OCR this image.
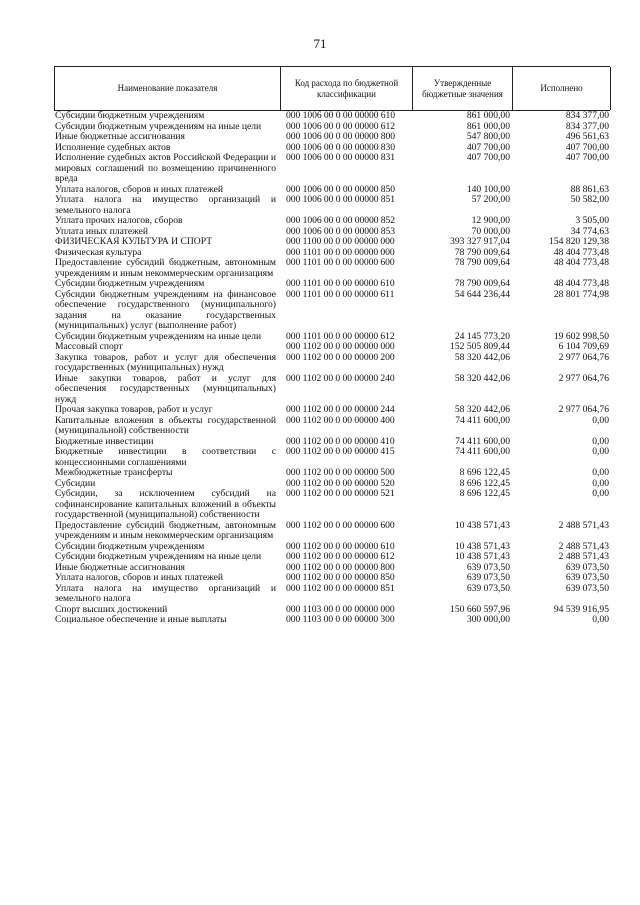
71
Наименование показателя
Код расхода по бюджетной классификации
Утвержденные бюджетные значения
Исполнено
Субсидии бюджетным учреждениям	000 1006 00 0 00 00000 610	861 000,00	834 377,00
Субсидии бюджетным учреждениям на иные цели	000 1006 00 0 00 00000 612	861 000,00	834 377,00
Иные бюджетные ассигнования	000 1006 00 0 00 00000 800	547 800,00	496 561,63
Исполнение судебных актов	000 1006 00 0 00 00000 830	407 700,00	407 700,00
Исполнение судебных актов Российской Федерации и мировых соглашений по возмещению причиненного вреда
000 1006 00 0 00 00000 831	407 700,00	407 700,00
Уплата налогов, сборов и иных платежей	000 1006 00 0 00 00000 850	140 100,00	88 861,63
Уплата налога на имущество организаций и земельного налога
000 1006 00 0 00 00000 851	57 200,00	50 582,00
Уплата прочих налогов, сборов	000 1006 00 0 00 00000 852	12 900,00	3 505,00
Уплата иных платежей	000 1006 00 0 00 00000 853	70 000,00	34 774,63
ФИЗИЧЕСКАЯ КУЛЬТУРА И СПОРТ	000 1100 00 0 00 00000 000	393 327 917,04	154 820 129,38
Физическая культура	000 1101 00 0 00 00000 000	78 790 009,64	48 404 773,48
Предоставление субсидий бюджетным, автономным учреждениям и иным некоммерческим организациям
000 1101 00 0 00 00000 600	78 790 009,64	48 404 773,48
Субсидии бюджетным учреждениям	000 1101 00 0 00 00000 610	78 790 009,64	48 404 773,48
Субсидии бюджетным учреждениям на финансовое обеспечение государственного (муниципального) задания на оказание государственных (муниципальных) услуг (выполнение работ)
000 1101 00 0 00 00000 611	54 644 236,44	28 801 774,98
Субсидии бюджетным учреждениям на иные цели	000 1101 00 0 00 00000 612	24 145 773,20	19 602 998,50
Массовый спорт	000 1102 00 0 00 00000 000	152 505 809,44	6 104 709,69
Закупка товаров, работ и услуг для обеспечения государственных (муниципальных) нужд
000 1102 00 0 00 00000 200	58 320 442,06	2 977 064,76
Иные закупки товаров, работ и услуг для обеспечения государственных (муниципальных) нужд
000 1102 00 0 00 00000 240	58 320 442,06	2 977 064,76
Прочая закупка товаров, работ и услуг	000 1102 00 0 00 00000 244	58 320 442,06	2 977 064,76
Капитальные вложения в объекты государственной (муниципальной) собственности
000 1102 00 0 00 00000 400	74 411 600,00	0,00
Бюджетные инвестиции	000 1102 00 0 00 00000 410	74 411 600,00	0,00
Бюджетные инвестиции в соответствии с концессионными соглашениями
000 1102 00 0 00 00000 415	74 411 600,00	0,00
Межбюджетные трансферты	000 1102 00 0 00 00000 500	8 696 122,45	0,00
Субсидии	000 1102 00 0 00 00000 520	8 696 122,45	0,00
Субсидии, за исключением субсидий на софинансирование капитальных вложений в объекты государственной (муниципальной) собственности
000 1102 00 0 00 00000 521	8 696 122,45	0,00
Предоставление субсидий бюджетным, автономным учреждениям и иным некоммерческим организациям
000 1102 00 0 00 00000 600	10 438 571,43	2 488 571,43
Субсидии бюджетным учреждениям	000 1102 00 0 00 00000 610	10 438 571,43	2 488 571,43
Субсидии бюджетным учреждениям на иные цели	000 1102 00 0 00 00000 612	10 438 571,43	2 488 571,43
Иные бюджетные ассигнования	000 1102 00 0 00 00000 800	639 073,50	639 073,50
Уплата налогов, сборов и иных платежей	000 1102 00 0 00 00000 850	639 073,50	639 073,50
Уплата налога на имущество организаций и земельного налога
000 1102 00 0 00 00000 851	639 073,50	639 073,50
Спорт высших достижений	000 1103 00 0 00 00000 000	150 660 597,96	94 539 916,95
Социальное обеспечение и иные выплаты	000 1103 00 0 00 00000 300	300 000,00	0,00
